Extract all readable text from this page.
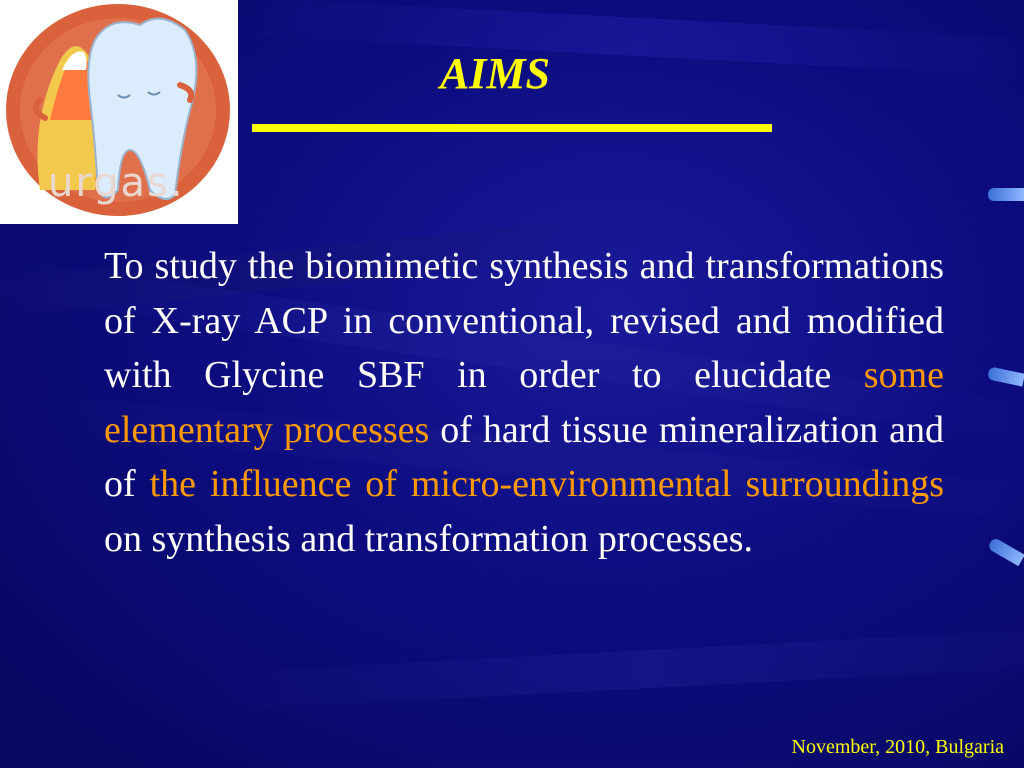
urgas.
AIMS
To study the biomimetic synthesis and transformations of X-ray ACP in conventional, revised and modified with Glycine SBF in order to elucidate some elementary processes of hard tissue mineralization and of the influence of micro-environmental surroundings on synthesis and transformation processes.
November, 2010, Bulgaria
